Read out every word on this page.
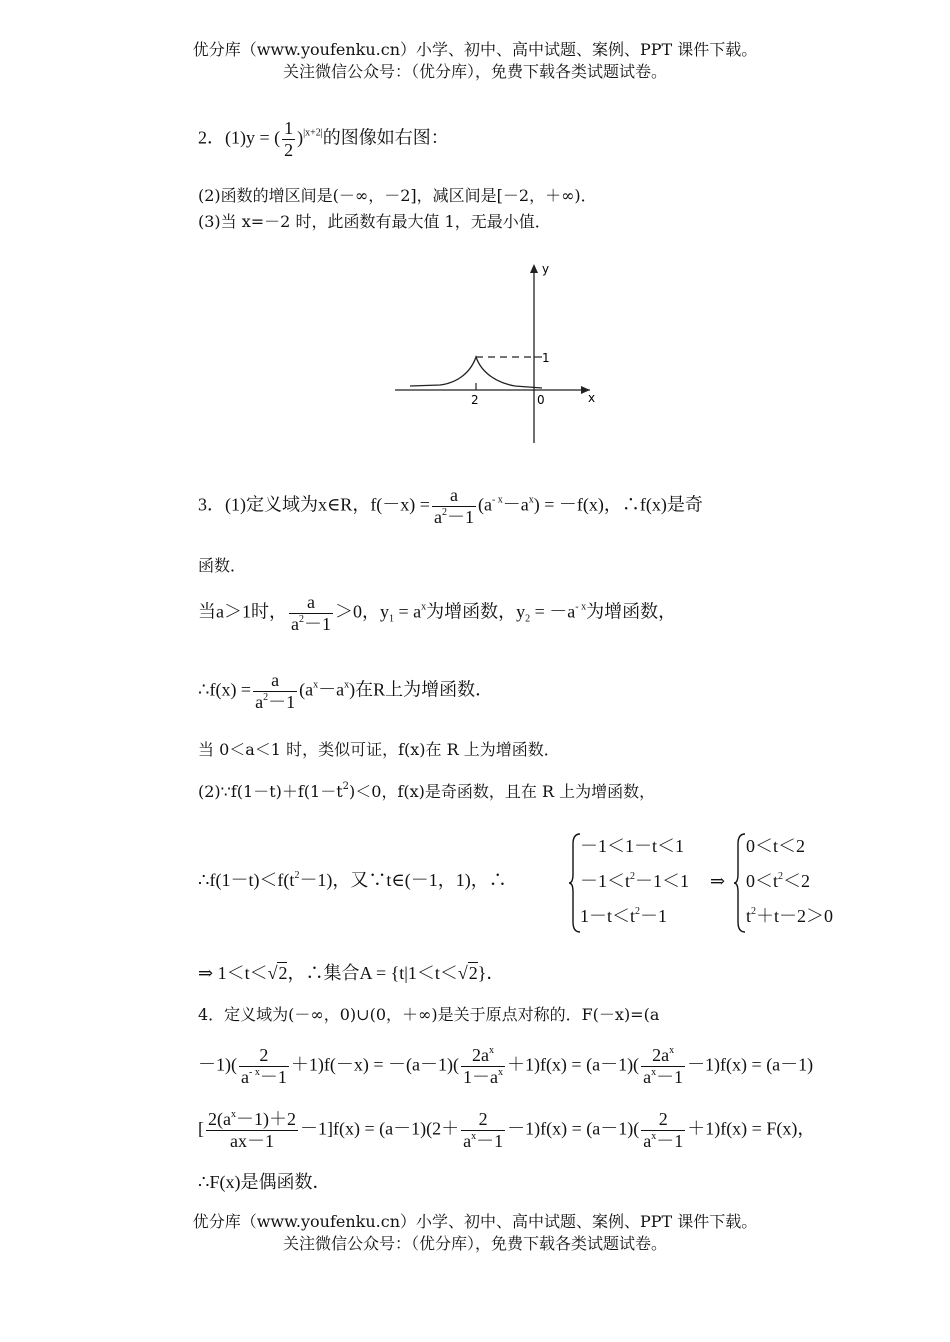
优分库（www.youfenku.cn）小学、初中、高中试题、案例、PPT 课件下载。
关注微信公众号：（优分库），免费下载各类试题试卷。
2．(1)y = ( $\frac{1}{2} )^{|x+2|}$的图像如右图：
(2)函数的增区间是(－∞，－2]，减区间是[－2，＋∞)．
(3)当 x=－2 时，此函数有最大值 1，无最小值．
y
x
1
2	0
3．(1)定义域为x∈R，$f(-x) = \frac{a}{a^2-1} (a^{- x}-a^x) = -f(x)$，∴f(x)是奇
函数．
当a＞1时， $\frac{a}{a^2-1} >0$，$y_1 = a^x$为增函数，$y_2 = -a^{- x}$为增函数，
∴f(x) = $\frac{a}{a^2-1} (a^x-a^x)$在R上为增函数．
当 0＜a＜1 时，类似可证，f(x)在 R 上为增函数．
$(2)\because f(1-t)+f(1-t^2)<0$，f(x)是奇函数，且在 R 上为增函数，
$\therefore f(1-t)<f(t^2-1)$，又∵t∈(－1，1)，∴
－1＜1－t＜1
$-1<t^2-1<1$
$1-t<t^2-1$
⇒
0＜t＜2
$0<t^2<2$
$t^2+t-2>0$
⇒ 1＜t＜√2，∴集合A = {t|1＜t＜√2}．
4．定义域为(－∞，0)∪(0，＋∞)是关于原点对称的．F(－x)=(a
$-1)( \frac{2}{a^{- x}-1} +1)f(-x) = -(a-1)( \frac{2a^x}{1-a^x} +1)f(x) = (a-1)( \frac{2a^x}{a^x-1} -1)f(x) = (a-1)$
[ $\frac{2(a^x-1)+2}{ax-1} -1]f(x) = (a-1)(2+ \frac{2}{a^x-1} -1)f(x) = (a-1)( \frac{2}{a^x-1} +1)f(x) = F(x)$，
∴F(x)是偶函数．
优分库（www.youfenku.cn）小学、初中、高中试题、案例、PPT 课件下载。
关注微信公众号：（优分库），免费下载各类试题试卷。
